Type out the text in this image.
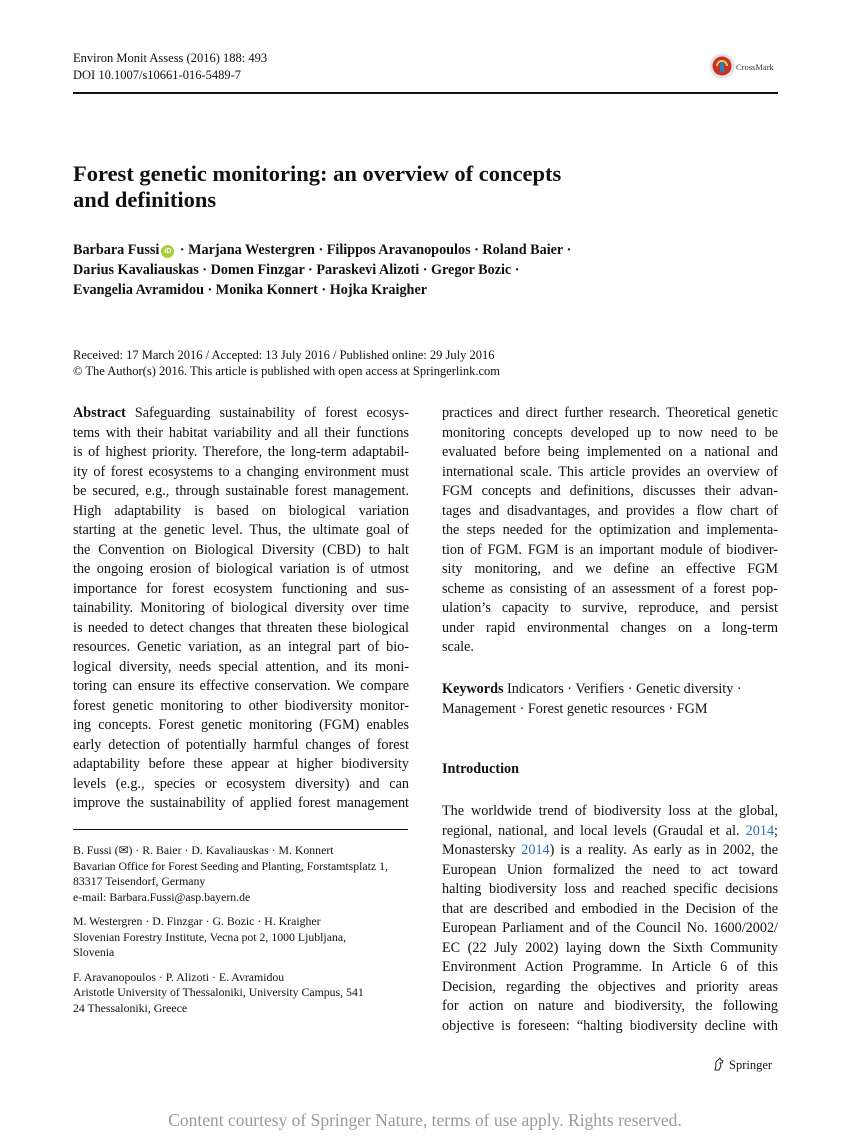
Environ Monit Assess (2016) 188: 493
DOI 10.1007/s10661-016-5489-7
CrossMark
Forest genetic monitoring: an overview of concepts
and definitions
Barbara Fussi iD · Marjana Westergren · Filippos Aravanopoulos · Roland Baier ·
Darius Kavaliauskas · Domen Finzgar · Paraskevi Alizoti · Gregor Bozic ·
Evangelia Avramidou · Monika Konnert · Hojka Kraigher
Received: 17 March 2016 / Accepted: 13 July 2016 / Published online: 29 July 2016
© The Author(s) 2016. This article is published with open access at Springerlink.com
Abstract Safeguarding sustainability of forest ecosys-
tems with their habitat variability and all their functions
is of highest priority. Therefore, the long-term adaptabil-
ity of forest ecosystems to a changing environment must
be secured, e.g., through sustainable forest management.
High adaptability is based on biological variation
starting at the genetic level. Thus, the ultimate goal of
the Convention on Biological Diversity (CBD) to halt
the ongoing erosion of biological variation is of utmost
importance for forest ecosystem functioning and sus-
tainability. Monitoring of biological diversity over time
is needed to detect changes that threaten these biological
resources. Genetic variation, as an integral part of bio-
logical diversity, needs special attention, and its moni-
toring can ensure its effective conservation. We compare
forest genetic monitoring to other biodiversity monitor-
ing concepts. Forest genetic monitoring (FGM) enables
early detection of potentially harmful changes of forest
adaptability before these appear at higher biodiversity
levels (e.g., species or ecosystem diversity) and can
improve the sustainability of applied forest management
B. Fussi (✉) · R. Baier · D. Kavaliauskas · M. Konnert
Bavarian Office for Forest Seeding and Planting, Forstamtsplatz 1,
83317 Teisendorf, Germany
e-mail: Barbara.Fussi@asp.bayern.de
M. Westergren · D. Finzgar · G. Bozic · H. Kraigher
Slovenian Forestry Institute, Vecna pot 2, 1000 Ljubljana,
Slovenia
F. Aravanopoulos · P. Alizoti · E. Avramidou
Aristotle University of Thessaloniki, University Campus, 541
24 Thessaloniki, Greece
practices and direct further research. Theoretical genetic
monitoring concepts developed up to now need to be
evaluated before being implemented on a national and
international scale. This article provides an overview of
FGM concepts and definitions, discusses their advan-
tages and disadvantages, and provides a flow chart of
the steps needed for the optimization and implementa-
tion of FGM. FGM is an important module of biodiver-
sity monitoring, and we define an effective FGM
scheme as consisting of an assessment of a forest pop-
ulation’s capacity to survive, reproduce, and persist
under rapid environmental changes on a long-term
scale.
Keywords Indicators · Verifiers · Genetic diversity ·
Management · Forest genetic resources · FGM
Introduction
The worldwide trend of biodiversity loss at the global,
regional, national, and local levels (Graudal et al. 2014;
Monastersky 2014) is a reality. As early as in 2002, the
European Union formalized the need to act toward
halting biodiversity loss and reached specific decisions
that are described and embodied in the Decision of the
European Parliament and of the Council No. 1600/2002/
EC (22 July 2002) laying down the Sixth Community
Environment Action Programme. In Article 6 of this
Decision, regarding the objectives and priority areas
for action on nature and biodiversity, the following
objective is foreseen: “halting biodiversity decline with
Springer
Content courtesy of Springer Nature, terms of use apply. Rights reserved.
